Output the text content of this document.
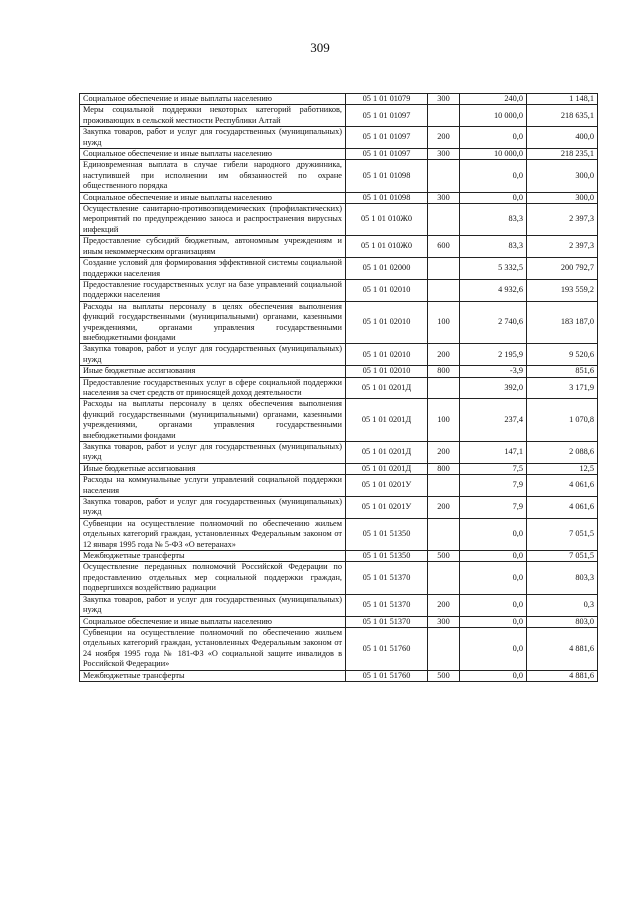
309
Социальное обеспечение и иные выплаты населению	05 1 01 01079	300	240,0	1 148,1
Меры социальной поддержки некоторых категорий работников, проживающих в сельской местности Республики Алтай	05 1 01 01097		10 000,0	218 635,1
Закупка товаров, работ и услуг для государственных (муниципальных) нужд	05 1 01 01097	200	0,0	400,0
Социальное обеспечение и иные выплаты населению	05 1 01 01097	300	10 000,0	218 235,1
Единовременная выплата в случае гибели народного дружинника, наступившей при исполнении им обязанностей по охране общественного порядка	05 1 01 01098		0,0	300,0
Социальное обеспечение и иные выплаты населению	05 1 01 01098	300	0,0	300,0
Осуществление санитарно-противоэпидемических (профилактических) мероприятий по предупреждению заноса и распространения вирусных инфекций	05 1 01 010Ж0		83,3	2 397,3
Предоставление субсидий бюджетным, автономным учреждениям и иным некоммерческим организациям	05 1 01 010Ж0	600	83,3	2 397,3
Создание условий для формирования эффективной системы социальной поддержки населения	05 1 01 02000		5 332,5	200 792,7
Предоставление государственных услуг на базе управлений социальной поддержки населения	05 1 01 02010		4 932,6	193 559,2
Расходы на выплаты персоналу в целях обеспечения выполнения функций государственными (муниципальными) органами, казенными учреждениями, органами управления государственными внебюджетными фондами	05 1 01 02010	100	2 740,6	183 187,0
Закупка товаров, работ и услуг для государственных (муниципальных) нужд	05 1 01 02010	200	2 195,9	9 520,6
Иные бюджетные ассигнования	05 1 01 02010	800	-3,9	851,6
Предоставление государственных услуг в сфере социальной поддержки населения за счет средств от приносящей доход деятельности	05 1 01 0201Д		392,0	3 171,9
Расходы на выплаты персоналу в целях обеспечения выполнения функций государственными (муниципальными) органами, казенными учреждениями, органами управления государственными внебюджетными фондами	05 1 01 0201Д	100	237,4	1 070,8
Закупка товаров, работ и услуг для государственных (муниципальных) нужд	05 1 01 0201Д	200	147,1	2 088,6
Иные бюджетные ассигнования	05 1 01 0201Д	800	7,5	12,5
Расходы на коммунальные услуги управлений социальной поддержки населения	05 1 01 0201У		7,9	4 061,6
Закупка товаров, работ и услуг для государственных (муниципальных) нужд	05 1 01 0201У	200	7,9	4 061,6
Субвенции на осуществление полномочий по обеспечению жильем отдельных категорий граждан, установленных Федеральным законом от 12 января 1995 года № 5-ФЗ «О ветеранах»	05 1 01 51350		0,0	7 051,5
Межбюджетные трансферты	05 1 01 51350	500	0,0	7 051,5
Осуществление переданных полномочий Российской Федерации по предоставлению отдельных мер социальной поддержки граждан, подвергшихся воздействию радиации	05 1 01 51370		0,0	803,3
Закупка товаров, работ и услуг для государственных (муниципальных) нужд	05 1 01 51370	200	0,0	0,3
Социальное обеспечение и иные выплаты населению	05 1 01 51370	300	0,0	803,0
Субвенции на осуществление полномочий по обеспечению жильем отдельных категорий граждан, установленных Федеральным законом от 24 ноября 1995 года № 181-ФЗ «О социальной защите инвалидов в Российской Федерации»	05 1 01 51760		0,0	4 881,6
Межбюджетные трансферты	05 1 01 51760	500	0,0	4 881,6
